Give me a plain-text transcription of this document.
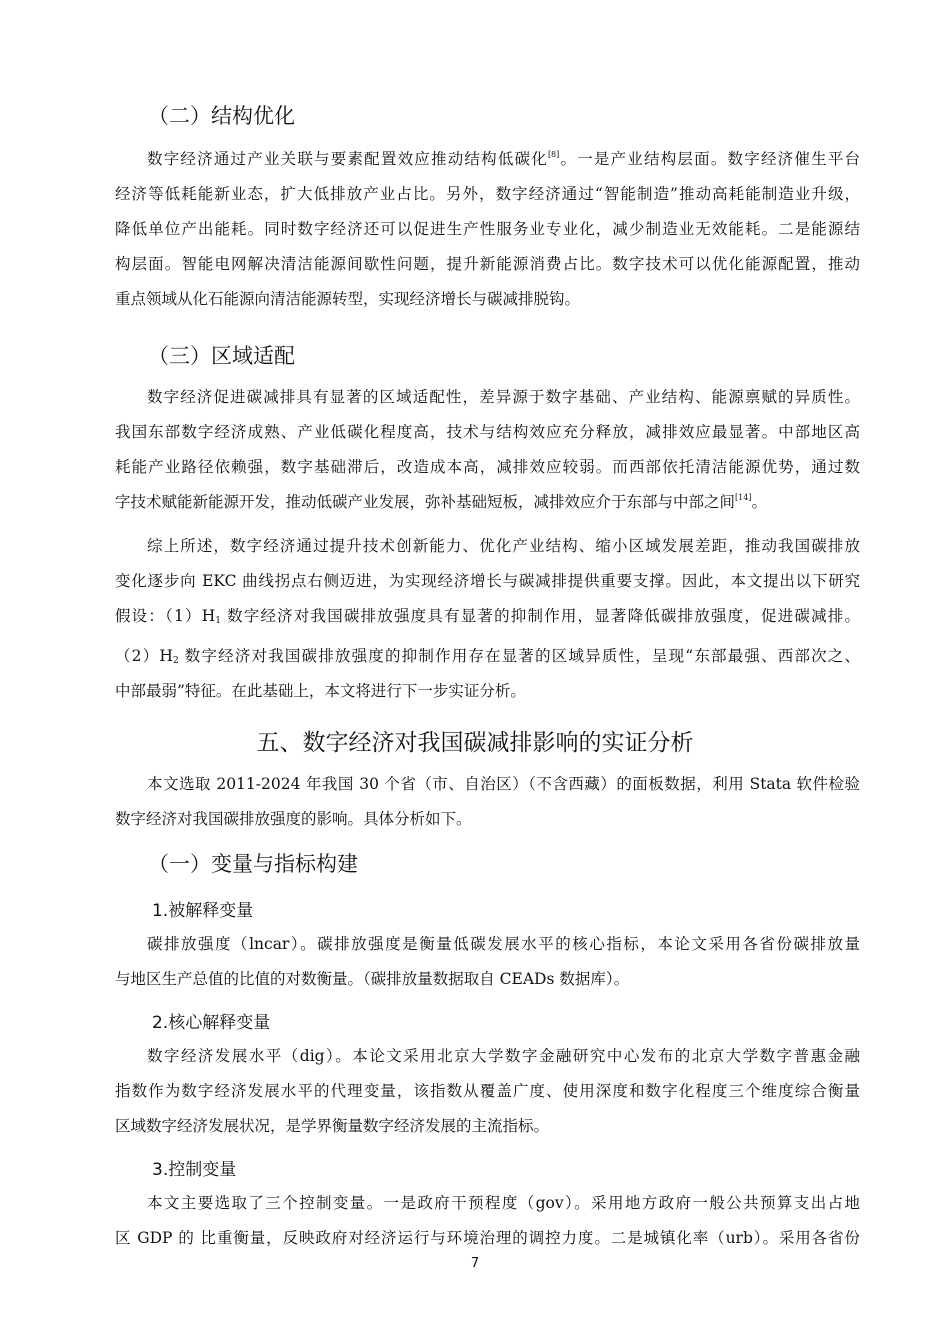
（二）结构优化
数字经济通过产业关联与要素配置效应推动结构低碳化[8]。一是产业结构层面。数字经济催生平台
经济等低耗能新业态，扩大低排放产业占比。另外，数字经济通过“智能制造”推动高耗能制造业升级，
降低单位产出能耗。同时数字经济还可以促进生产性服务业专业化，减少制造业无效能耗。二是能源结
构层面。智能电网解决清洁能源间歇性问题，提升新能源消费占比。数字技术可以优化能源配置，推动
重点领域从化石能源向清洁能源转型，实现经济增长与碳减排脱钩。
（三）区域适配
数字经济促进碳减排具有显著的区域适配性，差异源于数字基础、产业结构、能源禀赋的异质性。
我国东部数字经济成熟、产业低碳化程度高，技术与结构效应充分释放，减排效应最显著。中部地区高
耗能产业路径依赖强，数字基础滞后，改造成本高，减排效应较弱。而西部依托清洁能源优势，通过数
字技术赋能新能源开发，推动低碳产业发展，弥补基础短板，减排效应介于东部与中部之间[14]。
综上所述，数字经济通过提升技术创新能力、优化产业结构、缩小区域发展差距，推动我国碳排放
变化逐步向 EKC 曲线拐点右侧迈进，为实现经济增长与碳减排提供重要支撑。因此，本文提出以下研究
假设：$(1)H_1$ 数字经济对我国碳排放强度具有显著的抑制作用，显著降低碳排放强度，促进碳减排。
$(2)H_2$ 数字经济对我国碳排放强度的抑制作用存在显著的区域异质性，呈现“东部最强、西部次之、
中部最弱”特征。在此基础上，本文将进行下一步实证分析。
五、数字经济对我国碳减排影响的实证分析
本文选取 2011-2024 年我国 30 个省（市、自治区）（不含西藏）的面板数据，利用 Stata 软件检验
数字经济对我国碳排放强度的影响。具体分析如下。
（一）变量与指标构建
1.被解释变量
碳排放强度（lncar）。碳排放强度是衡量低碳发展水平的核心指标，本论文采用各省份碳排放量
与地区生产总值的比值的对数衡量。（碳排放量数据取自 CEADs 数据库）。
2.核心解释变量
数字经济发展水平（dig）。本论文采用北京大学数字金融研究中心发布的北京大学数字普惠金融
指数作为数字经济发展水平的代理变量，该指数从覆盖广度、使用深度和数字化程度三个维度综合衡量
区域数字经济发展状况，是学界衡量数字经济发展的主流指标。
3.控制变量
本文主要选取了三个控制变量。一是政府干预程度（gov）。采用地方政府一般公共预算支出占地
区 GDP 的 比重衡量，反映政府对经济运行与环境治理的调控力度。二是城镇化率（urb）。采用各省份
7
